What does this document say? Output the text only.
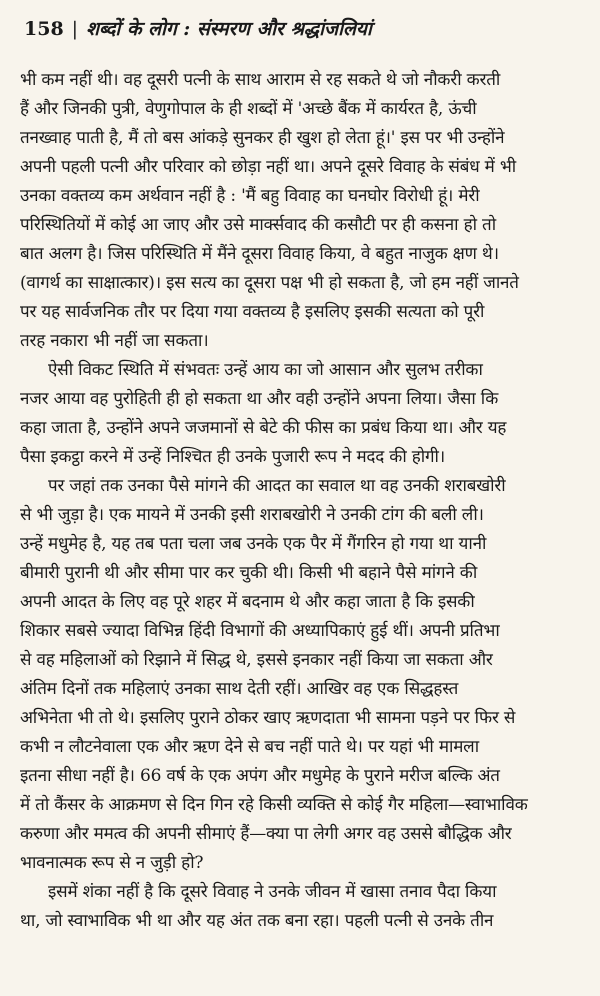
158 | शब्दों के लोग : संस्मरण और श्रद्धांजलियां
भी कम नहीं थी। वह दूसरी पत्नी के साथ आराम से रह सकते थे जो नौकरी करती
हैं और जिनकी पुत्री, वेणुगोपाल के ही शब्दों में 'अच्छे बैंक में कार्यरत है, ऊंची
तनख्वाह पाती है, मैं तो बस आंकड़े सुनकर ही खुश हो लेता हूं।' इस पर भी उन्होंने
अपनी पहली पत्नी और परिवार को छोड़ा नहीं था। अपने दूसरे विवाह के संबंध में भी
उनका वक्तव्य कम अर्थवान नहीं है : 'मैं बहु विवाह का घनघोर विरोधी हूं। मेरी
परिस्थितियों में कोई आ जाए और उसे मार्क्सवाद की कसौटी पर ही कसना हो तो
बात अलग है। जिस परिस्थिति में मैंने दूसरा विवाह किया, वे बहुत नाजुक क्षण थे।
(वागर्थ का साक्षात्कार)। इस सत्य का दूसरा पक्ष भी हो सकता है, जो हम नहीं जानते
पर यह सार्वजनिक तौर पर दिया गया वक्तव्य है इसलिए इसकी सत्यता को पूरी
तरह नकारा भी नहीं जा सकता।
ऐसी विकट स्थिति में संभवतः उन्हें आय का जो आसान और सुलभ तरीका
नजर आया वह पुरोहिती ही हो सकता था और वही उन्होंने अपना लिया। जैसा कि
कहा जाता है, उन्होंने अपने जजमानों से बेटे की फीस का प्रबंध किया था। और यह
पैसा इकट्ठा करने में उन्हें निश्चित ही उनके पुजारी रूप ने मदद की होगी।
पर जहां तक उनका पैसे मांगने की आदत का सवाल था वह उनकी शराबखोरी
से भी जुड़ा है। एक मायने में उनकी इसी शराबखोरी ने उनकी टांग की बली ली।
उन्हें मधुमेह है, यह तब पता चला जब उनके एक पैर में गैंगरिन हो गया था यानी
बीमारी पुरानी थी और सीमा पार कर चुकी थी। किसी भी बहाने पैसे मांगने की
अपनी आदत के लिए वह पूरे शहर में बदनाम थे और कहा जाता है कि इसकी
शिकार सबसे ज्यादा विभिन्न हिंदी विभागों की अध्यापिकाएं हुई थीं। अपनी प्रतिभा
से वह महिलाओं को रिझाने में सिद्ध थे, इससे इनकार नहीं किया जा सकता और
अंतिम दिनों तक महिलाएं उनका साथ देती रहीं। आखिर वह एक सिद्धहस्त
अभिनेता भी तो थे। इसलिए पुराने ठोकर खाए ऋणदाता भी सामना पड़ने पर फिर से
कभी न लौटनेवाला एक और ऋण देने से बच नहीं पाते थे। पर यहां भी मामला
इतना सीधा नहीं है। 66 वर्ष के एक अपंग और मधुमेह के पुराने मरीज बल्कि अंत
में तो कैंसर के आक्रमण से दिन गिन रहे किसी व्यक्ति से कोई गैर महिला—स्वाभाविक
करुणा और ममत्व की अपनी सीमाएं हैं—क्या पा लेगी अगर वह उससे बौद्धिक और
भावनात्मक रूप से न जुड़ी हो?
इसमें शंका नहीं है कि दूसरे विवाह ने उनके जीवन में खासा तनाव पैदा किया
था, जो स्वाभाविक भी था और यह अंत तक बना रहा। पहली पत्नी से उनके तीन
